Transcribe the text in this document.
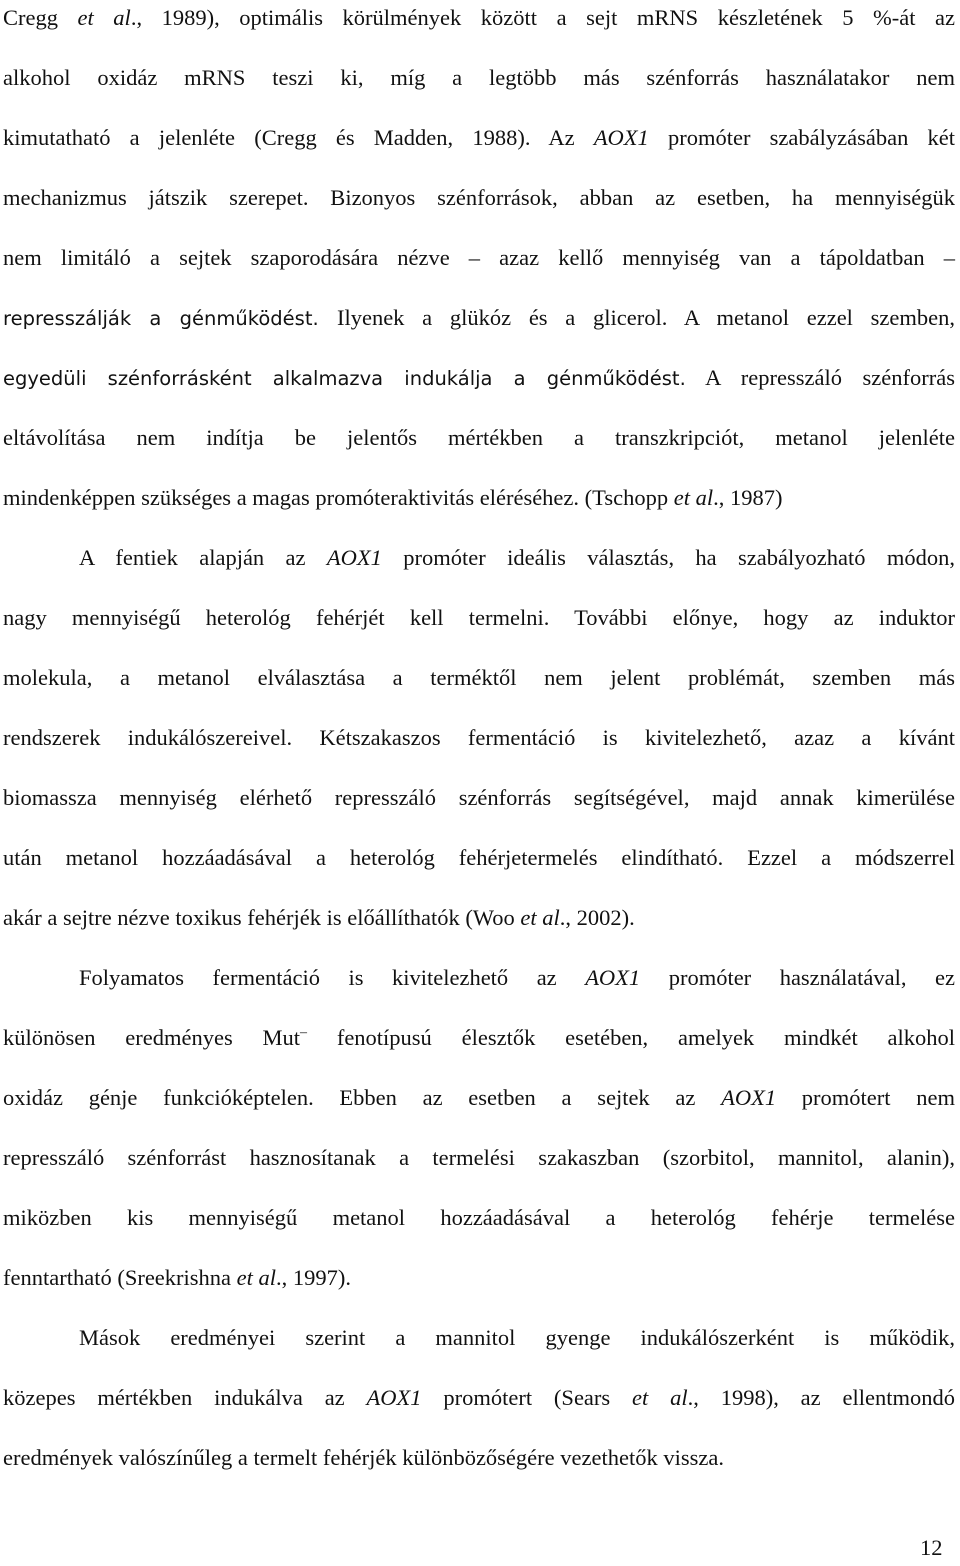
Cregg et al., 1989), optimális körülmények között a sejt mRNS készletének 5 %-át az
alkohol oxidáz mRNS teszi ki, míg a legtöbb más szénforrás használatakor nem
kimutatható a jelenléte (Cregg és Madden, 1988). Az AOX1 promóter szabályzásában két
mechanizmus játszik szerepet. Bizonyos szénforrások, abban az esetben, ha mennyiségük
nem limitáló a sejtek szaporodására nézve – azaz kellő mennyiség van a tápoldatban –
represszálják a génműködést. Ilyenek a glükóz és a glicerol. A metanol ezzel szemben,
egyedüli szénforrásként alkalmazva indukálja a génműködést. A represszáló szénforrás
eltávolítása nem indítja be jelentős mértékben a transzkripciót, metanol jelenléte
mindenképpen szükséges a magas promóteraktivitás eléréséhez. (Tschopp et al., 1987)
A fentiek alapján az AOX1 promóter ideális választás, ha szabályozható módon,
nagy mennyiségű heterológ fehérjét kell termelni. További előnye, hogy az induktor
molekula, a metanol elválasztása a terméktől nem jelent problémát, szemben más
rendszerek indukálószereivel. Kétszakaszos fermentáció is kivitelezhető, azaz a kívánt
biomassza mennyiség elérhető represszáló szénforrás segítségével, majd annak kimerülése
után metanol hozzáadásával a heterológ fehérjetermelés elindítható. Ezzel a módszerrel
akár a sejtre nézve toxikus fehérjék is előállíthatók (Woo et al., 2002).
Folyamatos fermentáció is kivitelezhető az AOX1 promóter használatával, ez
különösen eredményes Mut– fenotípusú élesztők esetében, amelyek mindkét alkohol
oxidáz génje funkcióképtelen. Ebben az esetben a sejtek az AOX1 promótert nem
represszáló szénforrást hasznosítanak a termelési szakaszban (szorbitol, mannitol, alanin),
miközben kis mennyiségű metanol hozzáadásával a heterológ fehérje termelése
fenntartható (Sreekrishna et al., 1997).
Mások eredményei szerint a mannitol gyenge indukálószerként is működik,
közepes mértékben indukálva az AOX1 promótert (Sears et al., 1998), az ellentmondó
eredmények valószínűleg a termelt fehérjék különbözőségére vezethetők vissza.
12
